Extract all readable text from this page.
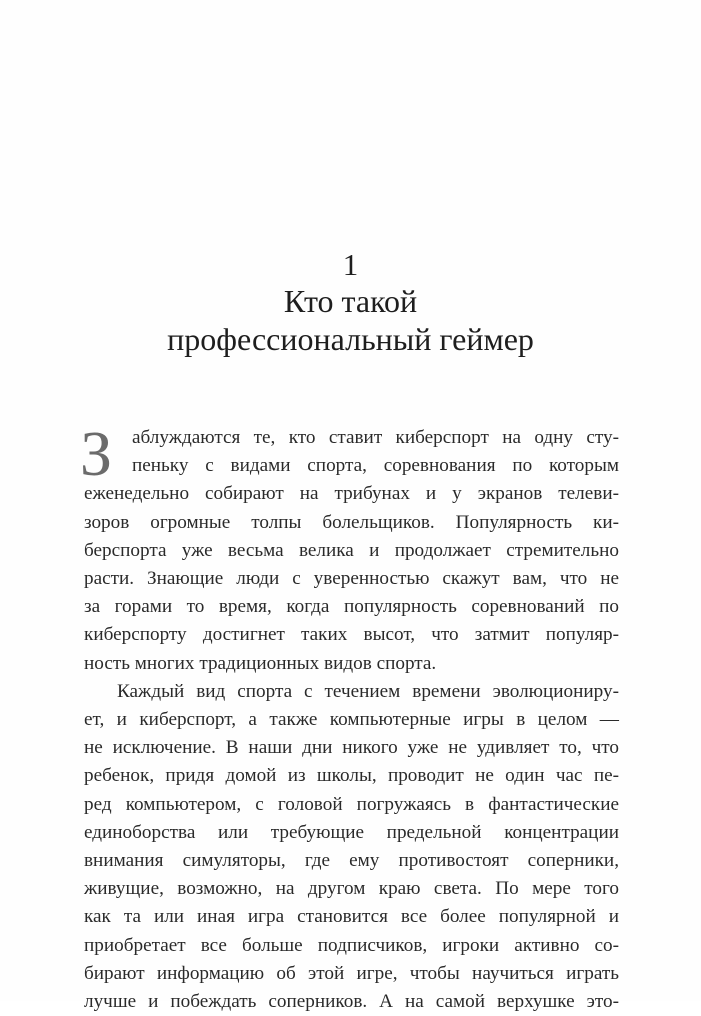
1
Кто такой
профессиональный геймер
З	аблуждаются те, кто ставит киберспорт на одну сту-
пеньку с видами спорта, соревнования по которым
еженедельно собирают на трибунах и у экранов телеви-
зоров огромные толпы болельщиков. Популярность ки-
берспорта уже весьма велика и продолжает стремительно
расти. Знающие люди с уверенностью скажут вам, что не
за горами то время, когда популярность соревнований по
киберспорту достигнет таких высот, что затмит популяр-
ность многих традиционных видов спорта.
Каждый вид спорта с течением времени эволюциониру-
ет, и киберспорт, а также компьютерные игры в целом —
не исключение. В наши дни никого уже не удивляет то, что
ребенок, придя домой из школы, проводит не один час пе-
ред компьютером, с головой погружаясь в фантастические
единоборства или требующие предельной концентрации
внимания симуляторы, где ему противостоят соперники,
живущие, возможно, на другом краю света. По мере того
как та или иная игра становится все более популярной и
приобретает все больше подписчиков, игроки активно со-
бирают информацию об этой игре, чтобы научиться играть
лучше и побеждать соперников. А на самой верхушке это-
